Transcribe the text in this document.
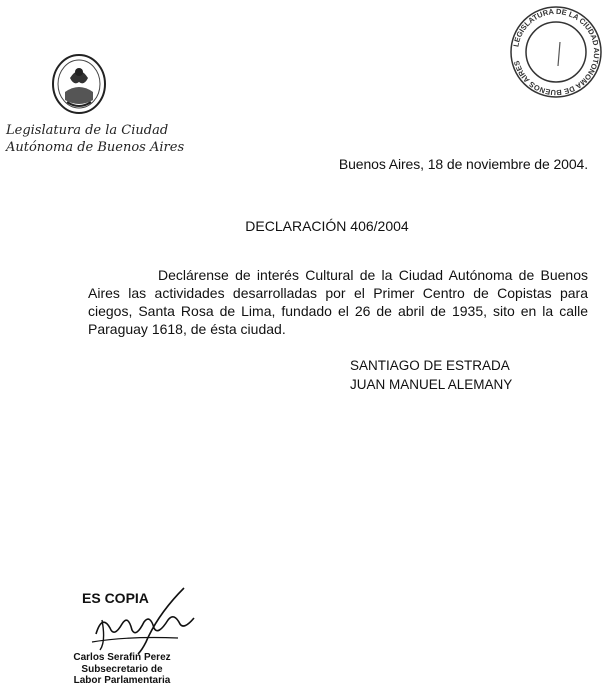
Legislatura de la Ciudad
Autónoma de Buenos Aires
LEGISLATURA DE LA CIUDAD AUTONOMA DE BUENOS AIRES
Buenos Aires, 18 de noviembre de 2004.
DECLARACIÓN 406/2004
Declárense de interés Cultural de la Ciudad Autónoma de Buenos Aires las actividades desarrolladas por el Primer Centro de Copistas para ciegos, Santa Rosa de Lima, fundado el 26 de abril de 1935, sito en la calle Paraguay 1618, de ésta ciudad.
SANTIAGO DE ESTRADA
JUAN MANUEL ALEMANY
ES COPIA
Carlos Serafin Perez
Subsecretario de
Labor Parlamentaria
